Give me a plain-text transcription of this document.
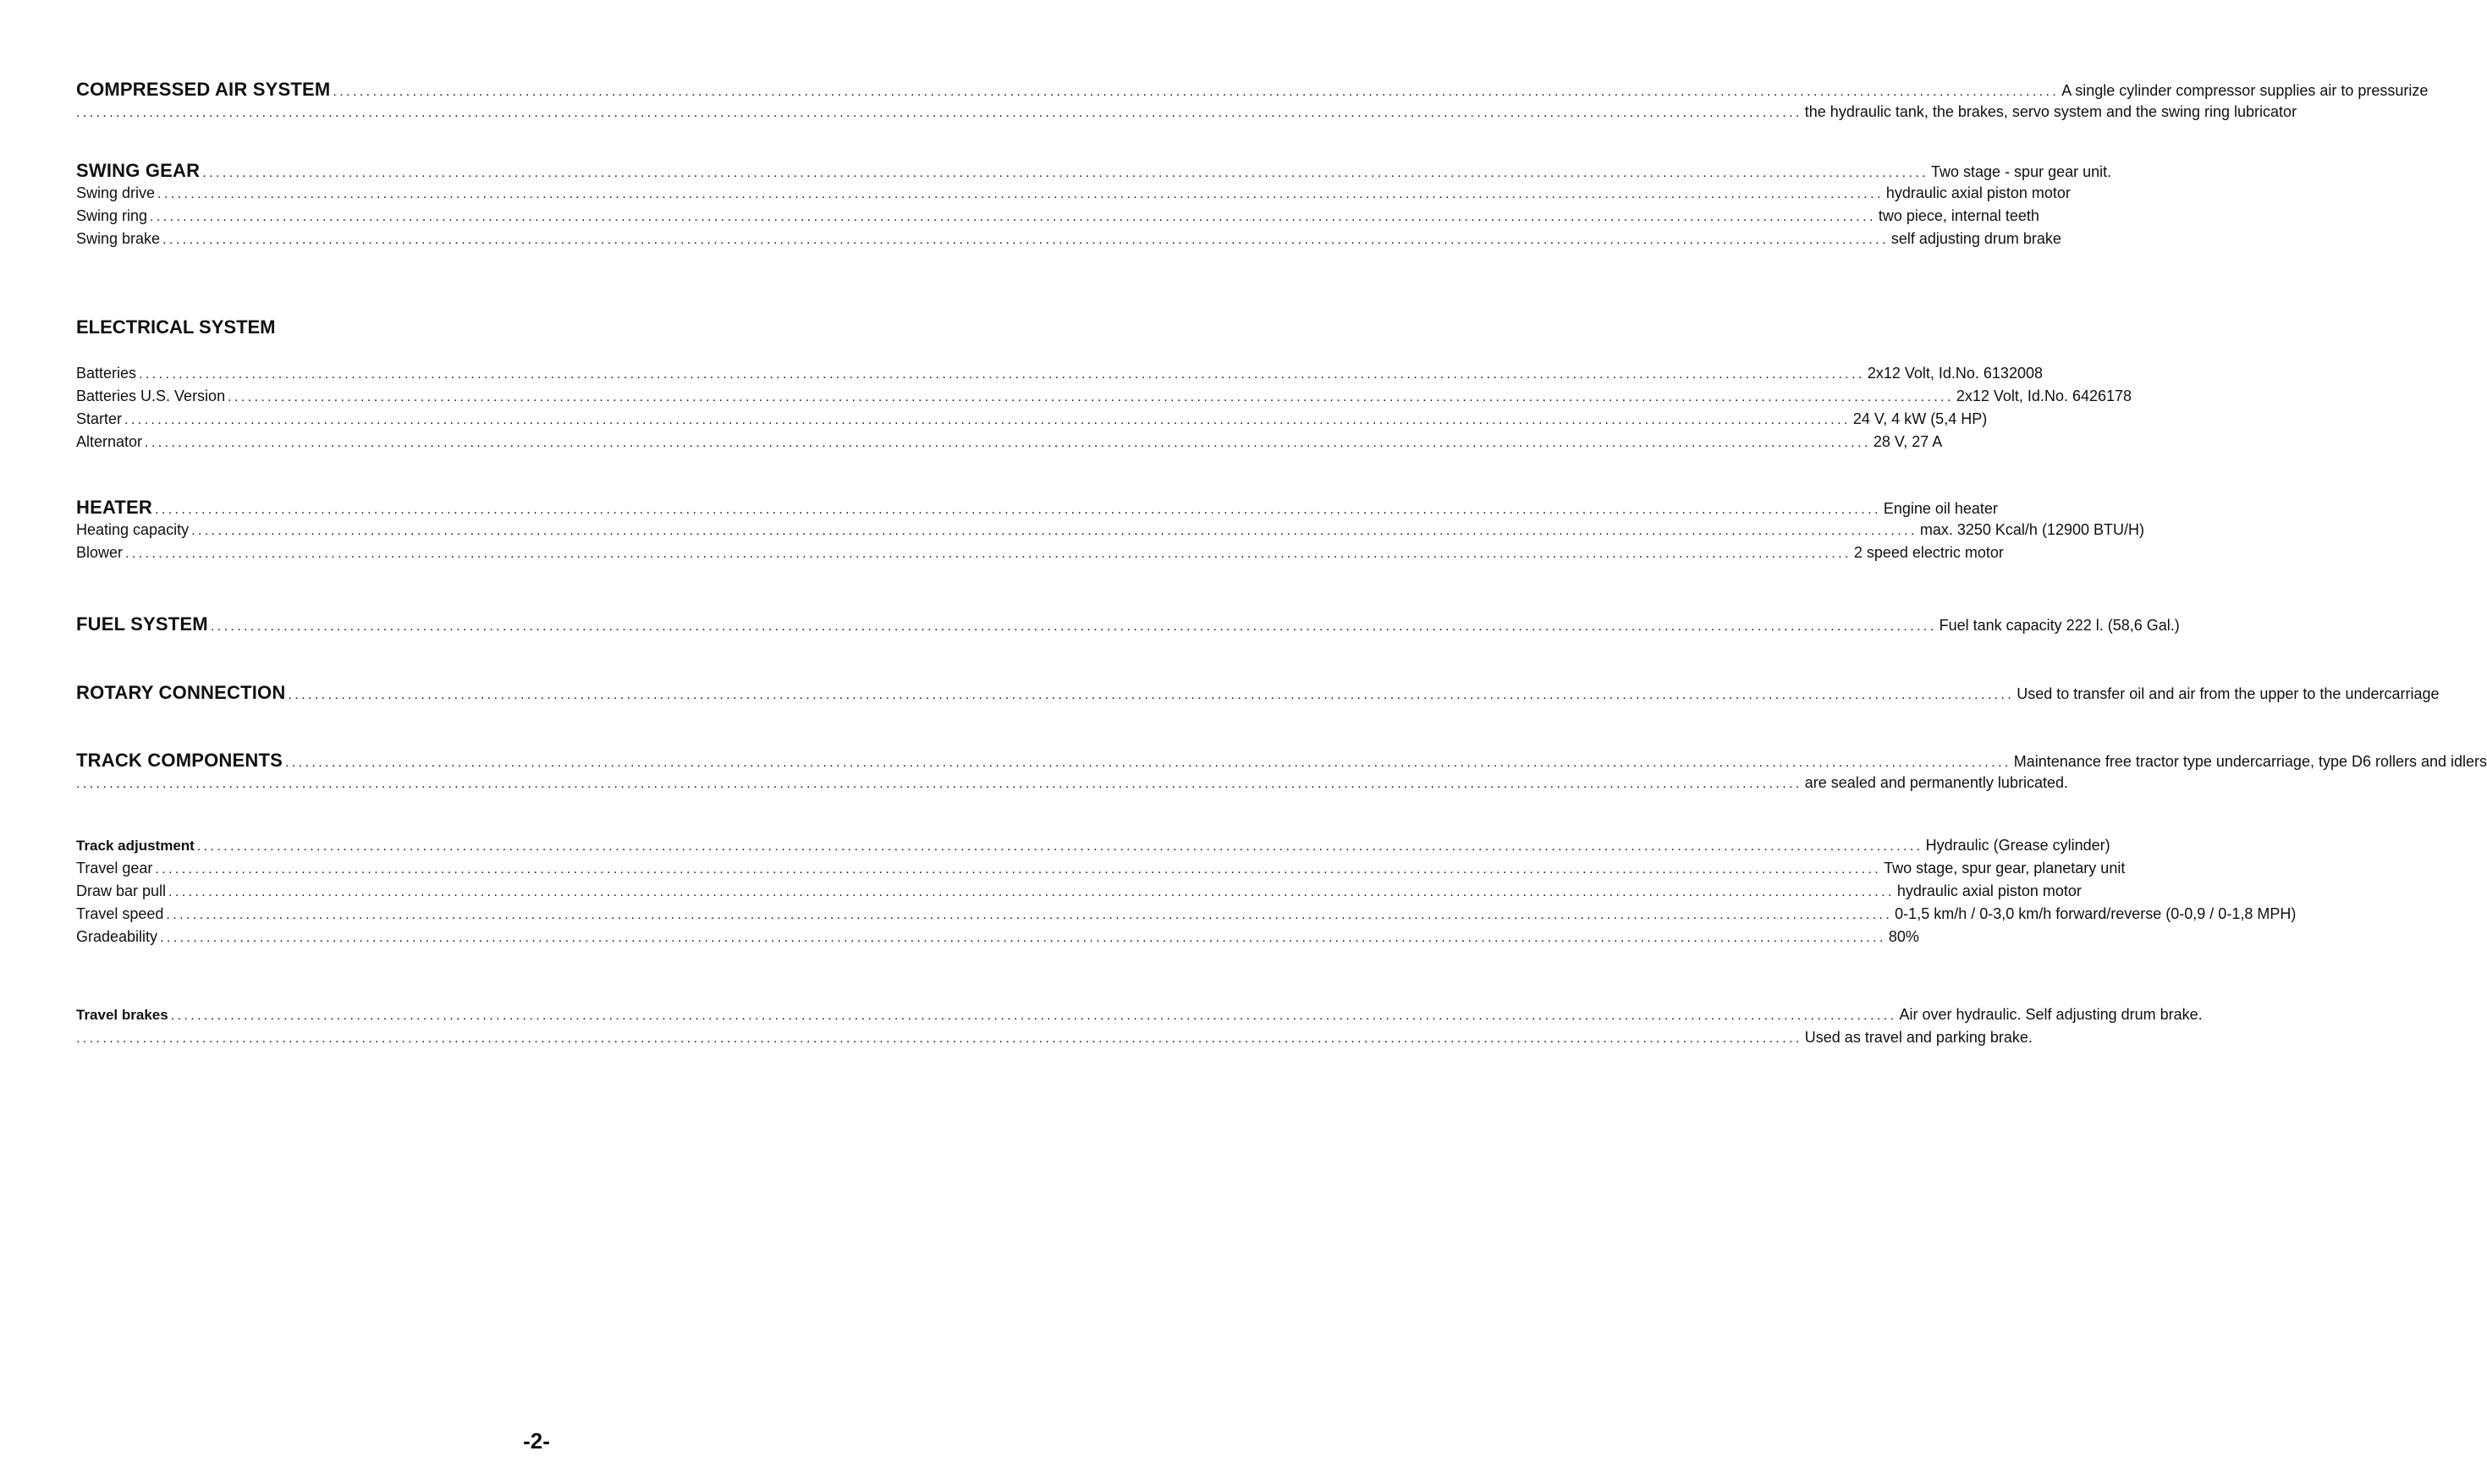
COMPRESSED AIR SYSTEM .................................................................................................................................................................................................................................................................... A single cylinder compressor supplies air to pressurize
.................................................................................................................................................................................................................................................................... the hydraulic tank, the brakes, servo system and the swing ring lubricator
SWING GEAR .................................................................................................................................................................................................................................................................... Two stage - spur gear unit.
Swing drive .................................................................................................................................................................................................................................................................... hydraulic axial piston motor
Swing ring .................................................................................................................................................................................................................................................................... two piece, internal teeth
Swing brake .................................................................................................................................................................................................................................................................... self adjusting drum brake
ELECTRICAL SYSTEM
Batteries .................................................................................................................................................................................................................................................................... 2x12 Volt, Id.No. 6132008
Batteries U.S. Version .................................................................................................................................................................................................................................................................... 2x12 Volt, Id.No. 6426178
Starter .................................................................................................................................................................................................................................................................... 24 V, 4 kW (5,4 HP)
Alternator .................................................................................................................................................................................................................................................................... 28 V, 27 A
HEATER .................................................................................................................................................................................................................................................................... Engine oil heater
Heating capacity .................................................................................................................................................................................................................................................................... max. 3250 Kcal/h (12900 BTU/H)
Blower .................................................................................................................................................................................................................................................................... 2 speed electric motor
FUEL SYSTEM .................................................................................................................................................................................................................................................................... Fuel tank capacity 222 l. (58,6 Gal.)
ROTARY CONNECTION .................................................................................................................................................................................................................................................................... Used to transfer oil and air from the upper to the undercarriage
TRACK COMPONENTS .................................................................................................................................................................................................................................................................... Maintenance free tractor type undercarriage, type D6 rollers and idlers
.................................................................................................................................................................................................................................................................... are sealed and permanently lubricated.
Track adjustment .................................................................................................................................................................................................................................................................... Hydraulic (Grease cylinder)
Travel gear .................................................................................................................................................................................................................................................................... Two stage, spur gear, planetary unit
Draw bar pull .................................................................................................................................................................................................................................................................... hydraulic axial piston motor
Travel speed .................................................................................................................................................................................................................................................................... 0-1,5 km/h / 0-3,0 km/h forward/reverse (0-0,9 / 0-1,8 MPH)
Gradeability .................................................................................................................................................................................................................................................................... 80%
Travel brakes .................................................................................................................................................................................................................................................................... Air over hydraulic. Self adjusting drum brake.
.................................................................................................................................................................................................................................................................... Used as travel and parking brake.
-2-
